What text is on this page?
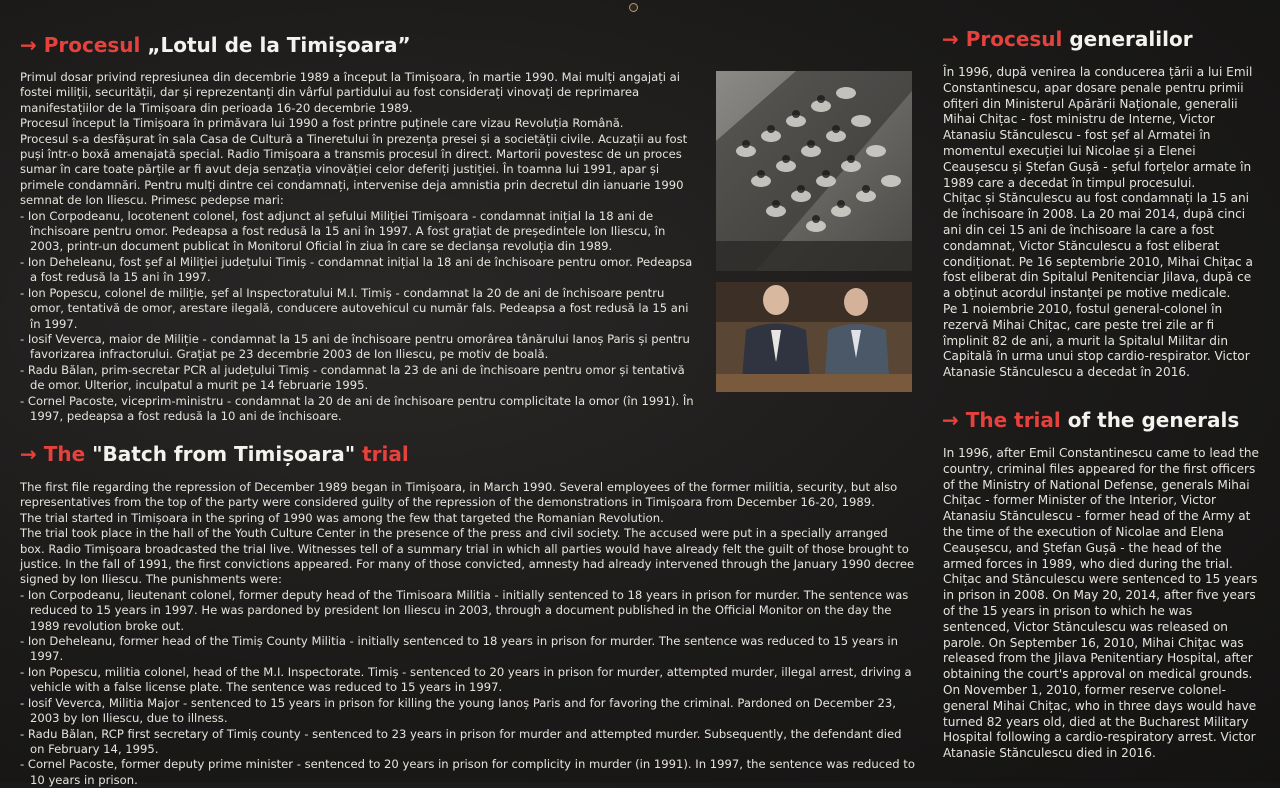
→ Procesul „Lotul de la Timișoara”

Primul dosar privind represiunea din decembrie 1989 a început la Timișoara, în martie 1990. Mai mulți angajați ai fostei miliții, securității, dar și reprezentanți din vârful partidului au fost considerați vinovați de reprimarea manifestațiilor de la Timișoara din perioada 16-20 decembrie 1989.

Procesul început la Timișoara în primăvara lui 1990 a fost printre puținele care vizau Revoluția Română.

Procesul s-a desfășurat în sala Casa de Cultură a Tineretului în prezența presei și a societății civile. Acuzații au fost puși într-o boxă amenajată special. Radio Timișoara a transmis procesul în direct. Martorii povestesc de un proces sumar în care toate părțile ar fi avut deja senzația vinovăției celor deferiți justiției. În toamna lui 1991, apar și primele condamnări. Pentru mulți dintre cei condamnați, intervenise deja amnistia prin decretul din ianuarie 1990 semnat de Ion Iliescu. Primesc pedepse mari:

- Ion Corpodeanu, locotenent colonel, fost adjunct al șefului Miliției Timișoara - condamnat inițial la 18 ani de închisoare pentru omor. Pedeapsa a fost redusă la 15 ani în 1997. A fost grațiat de președintele Ion Iliescu, în 2003, printr-un document publicat în Monitorul Oficial în ziua în care se declanșa revoluția din 1989.

- Ion Deheleanu, fost șef al Miliției județului Timiș - condamnat inițial la 18 ani de închisoare pentru omor. Pedeapsa a fost redusă la 15 ani în 1997.

- Ion Popescu, colonel de miliție, șef al Inspectoratului M.I. Timiș - condamnat la 20 de ani de închisoare pentru omor, tentativă de omor, arestare ilegală, conducere autovehicul cu număr fals. Pedeapsa a fost redusă la 15 ani în 1997.

- Iosif Veverca, maior de Miliție - condamnat la 15 ani de închisoare pentru omorârea tânărului Ianoș Paris și pentru favorizarea infractorului. Grațiat pe 23 decembrie 2003 de Ion Iliescu, pe motiv de boală.

- Radu Bălan, prim-secretar PCR al județului Timiș - condamnat la 23 de ani de închisoare pentru omor și tentativă de omor. Ulterior, inculpatul a murit pe 14 februarie 1995.

- Cornel Pacoste, viceprim-ministru - condamnat la 20 de ani de închisoare pentru complicitate la omor (în 1991). În 1997, pedeapsa a fost redusă la 10 ani de închisoare.

→ The "Batch from Timișoara" trial

The first file regarding the repression of December 1989 began in Timișoara, in March 1990. Several employees of the former militia, security, but also representatives from the top of the party were considered guilty of the repression of the demonstrations in Timișoara from December 16-20, 1989.

The trial started in Timișoara in the spring of 1990 was among the few that targeted the Romanian Revolution.

The trial took place in the hall of the Youth Culture Center in the presence of the press and civil society. The accused were put in a specially arranged box. Radio Timișoara broadcasted the trial live. Witnesses tell of a summary trial in which all parties would have already felt the guilt of those brought to justice. In the fall of 1991, the first convictions appeared. For many of those convicted, amnesty had already intervened through the January 1990 decree signed by Ion Iliescu. The punishments were:

- Ion Corpodeanu, lieutenant colonel, former deputy head of the Timisoara Militia - initially sentenced to 18 years in prison for murder. The sentence was reduced to 15 years in 1997. He was pardoned by president Ion Iliescu in 2003, through a document published in the Official Monitor on the day the 1989 revolution broke out.

- Ion Deheleanu, former head of the Timiș County Militia - initially sentenced to 18 years in prison for murder. The sentence was reduced to 15 years in 1997.

- Ion Popescu, militia colonel, head of the M.I. Inspectorate. Timiș - sentenced to 20 years in prison for murder, attempted murder, illegal arrest, driving a vehicle with a false license plate. The sentence was reduced to 15 years in 1997.

- Iosif Veverca, Militia Major - sentenced to 15 years in prison for killing the young Ianoș Paris and for favoring the criminal. Pardoned on December 23, 2003 by Ion Iliescu, due to illness.

- Radu Bălan, RCP first secretary of Timiș county - sentenced to 23 years in prison for murder and attempted murder. Subsequently, the defendant died on February 14, 1995.

- Cornel Pacoste, former deputy prime minister - sentenced to 20 years in prison for complicity in murder (in 1991). In 1997, the sentence was reduced to 10 years in prison.

→ Procesul generalilor

În 1996, după venirea la conducerea țării a lui Emil Constantinescu, apar dosare penale pentru primii ofițeri din Ministerul Apărării Naționale, generalii Mihai Chițac - fost ministru de Interne, Victor Atanasiu Stănculescu - fost șef al Armatei în momentul execuției lui Nicolae și a Elenei Ceaușescu și Ștefan Gușă - șeful forțelor armate în 1989 care a decedat în timpul procesului.

Chițac și Stănculescu au fost condamnați la 15 ani de închisoare în 2008. La 20 mai 2014, după cinci ani din cei 15 ani de închisoare la care a fost condamnat, Victor Stănculescu a fost eliberat condiționat. Pe 16 septembrie 2010, Mihai Chițac a fost eliberat din Spitalul Penitenciar Jilava, după ce a obținut acordul instanței pe motive medicale.

Pe 1 noiembrie 2010, fostul general-colonel în rezervă Mihai Chițac, care peste trei zile ar fi împlinit 82 de ani, a murit la Spitalul Militar din Capitală în urma unui stop cardio-respirator. Victor Atanasie Stănculescu a decedat în 2016.

→ The trial of the generals

In 1996, after Emil Constantinescu came to lead the country, criminal files appeared for the first officers of the Ministry of National Defense, generals Mihai Chițac - former Minister of the Interior, Victor Atanasiu Stănculescu - former head of the Army at the time of the execution of Nicolae and Elena Ceaușescu, and Ștefan Gușă - the head of the armed forces in 1989, who died during the trial.

Chițac and Stănculescu were sentenced to 15 years in prison in 2008. On May 20, 2014, after five years of the 15 years in prison to which he was sentenced, Victor Stănculescu was released on parole. On September 16, 2010, Mihai Chițac was released from the Jilava Penitentiary Hospital, after obtaining the court's approval on medical grounds.

On November 1, 2010, former reserve colonel-general Mihai Chițac, who in three days would have turned 82 years old, died at the Bucharest Military Hospital following a cardio-respiratory arrest. Victor Atanasie Stănculescu died in 2016.
